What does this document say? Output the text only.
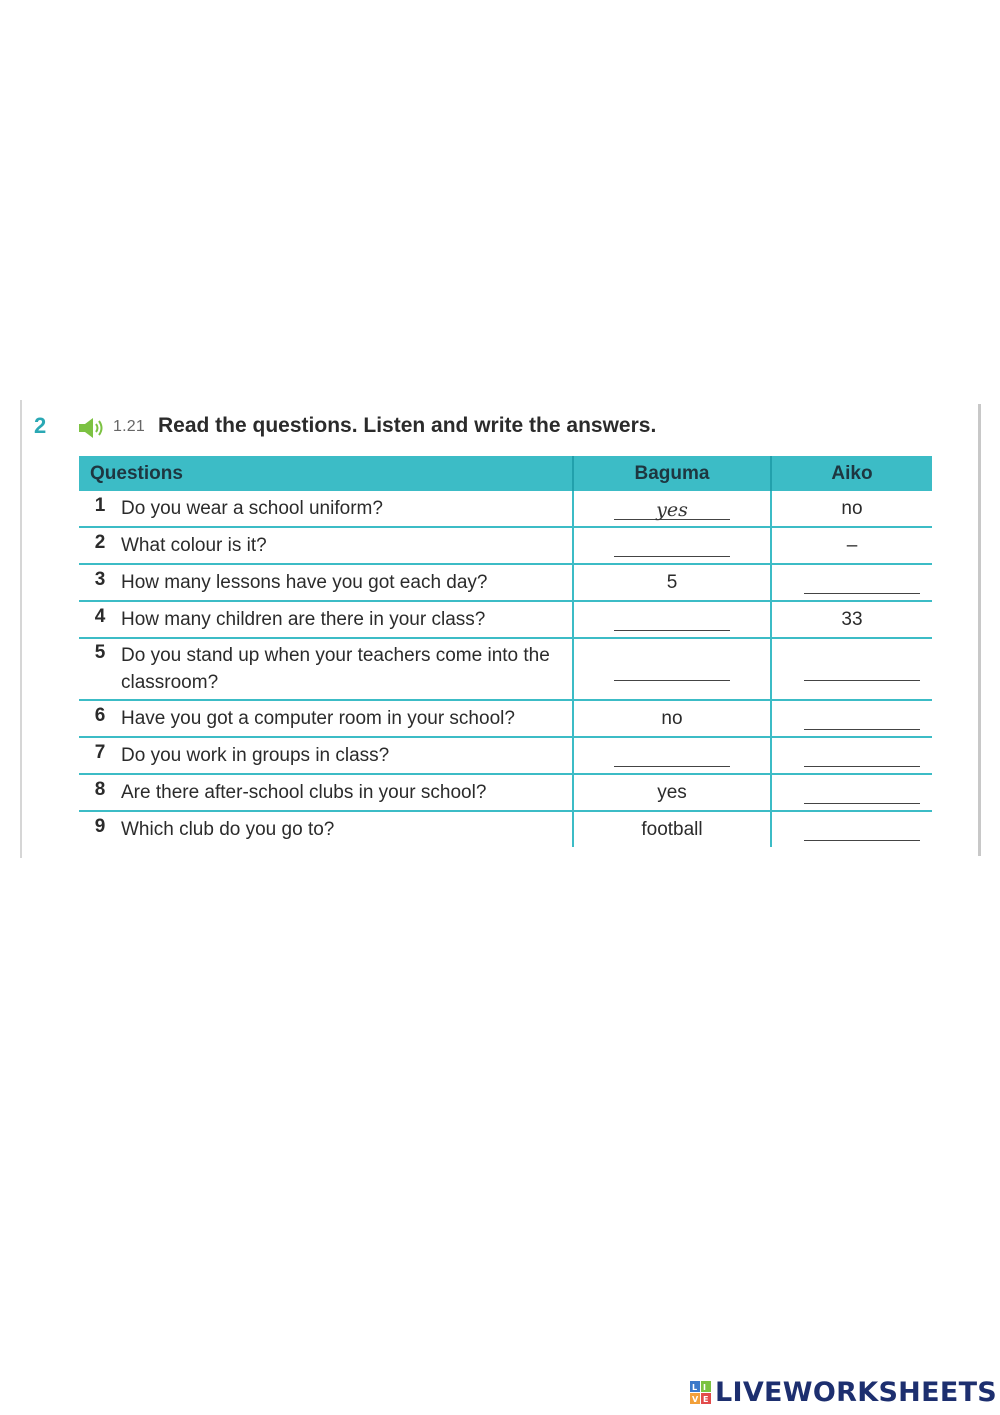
2	1.21 Read the questions. Listen and write the answers.
Questions	Baguma	Aiko

1 Do you wear a school uniform?	yes	no

2 What colour is it?		–

3 How many lessons have you got each day?	5	

4 How many children are there in your class?		33

5 Do you stand up when your teachers come into the classroom?		

6 Have you got a computer room in your school?	no	

7 Do you work in groups in class?		

8 Are there after-school clubs in your school?	yes	

9 Which club do you go to?	football	
L I
V E LIVEWORKSHEETS
